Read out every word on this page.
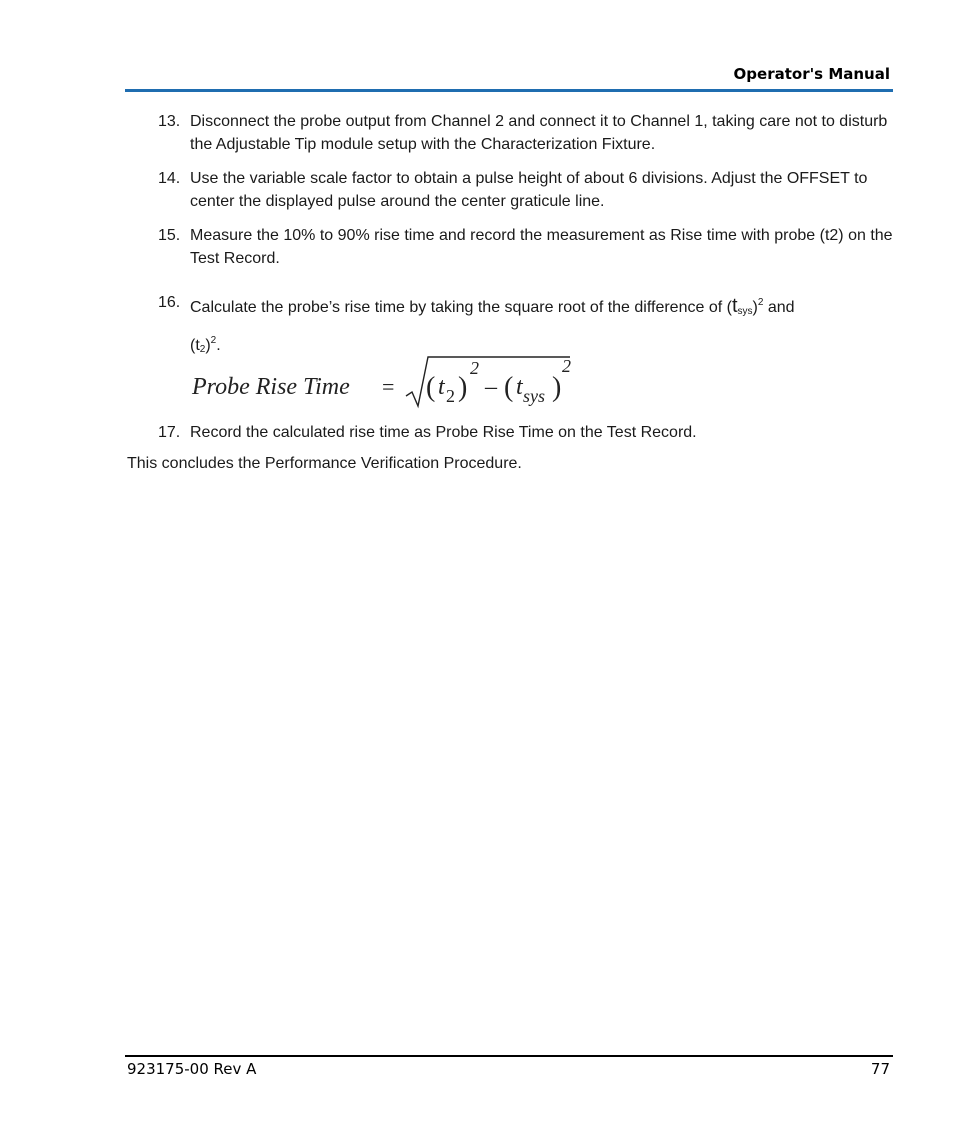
Operator's Manual
13. Disconnect the probe output from Channel 2 and connect it to Channel 1, taking care not to disturb the Adjustable Tip module setup with the Characterization Fixture.
14. Use the variable scale factor to obtain a pulse height of about 6 divisions. Adjust the OFFSET to center the displayed pulse around the center graticule line.
15. Measure the 10% to 90% rise time and record the measurement as Rise time with probe (t2) on the Test Record.
16. Calculate the probe’s rise time by taking the square root of the difference of $(t_{sys})^2$ and
$(t_2)^2$.
Probe Rise Time = ( t 2 )
2
– ( t sys )
2
17. Record the calculated rise time as Probe Rise Time on the Test Record.
This concludes the Performance Verification Procedure.
923175-00 Rev A	77
